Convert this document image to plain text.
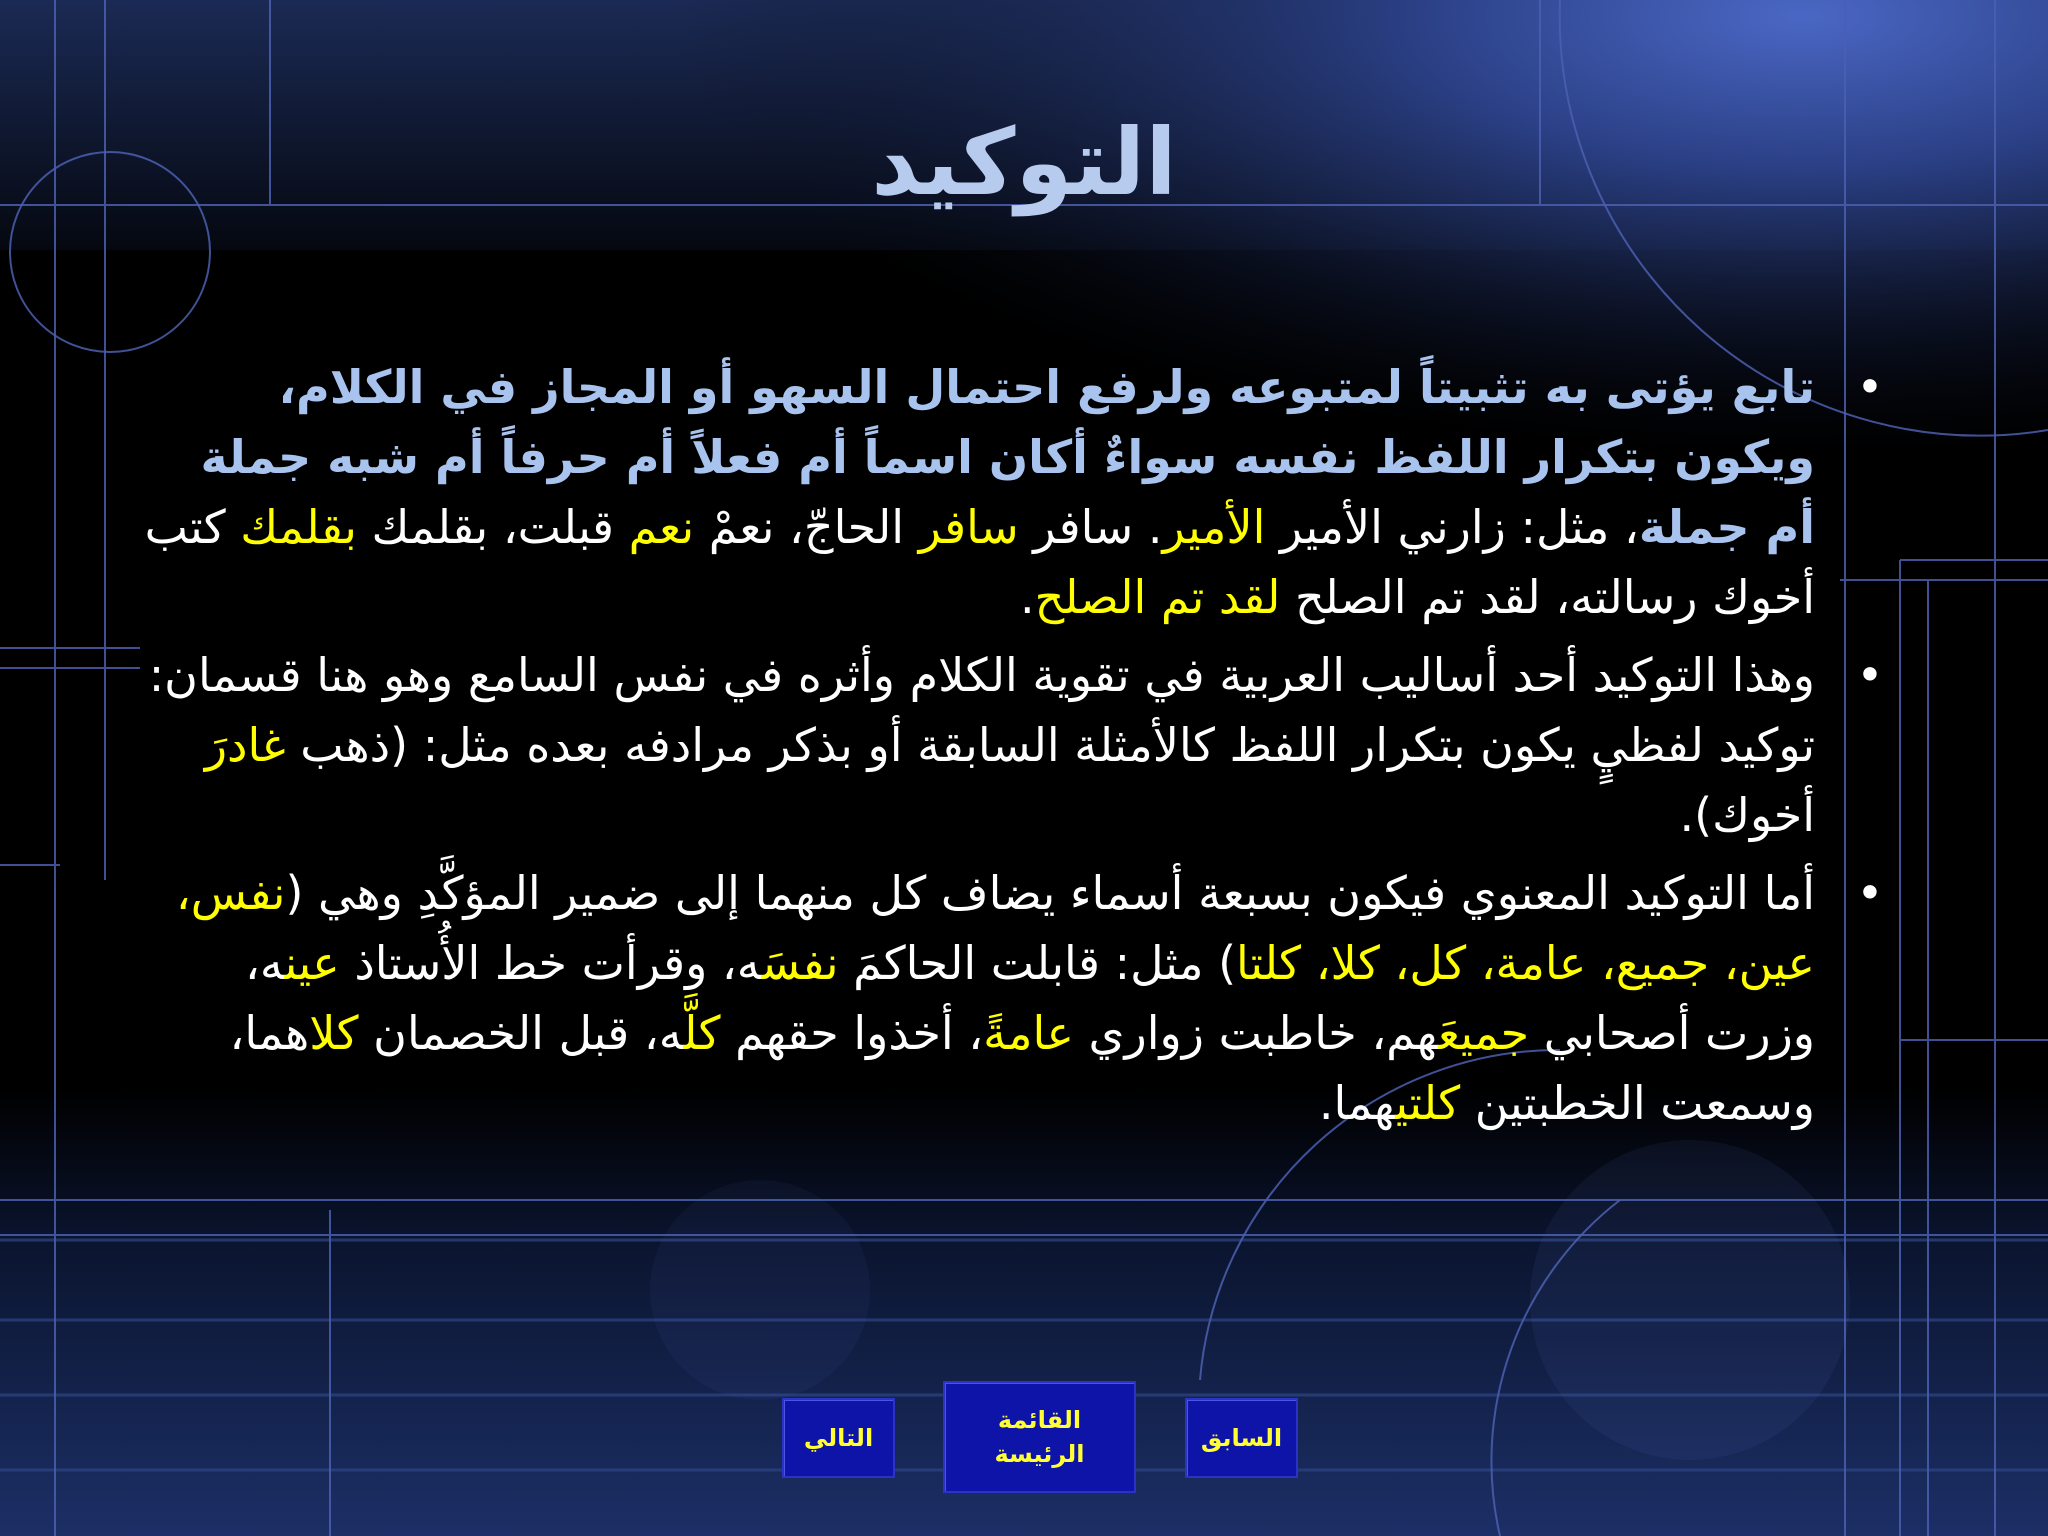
التوكيد
•
تابع يؤتى به تثبيتاً لمتبوعه ولرفع احتمال السهو أو المجاز في الكلام، ويكون بتكرار اللفظ نفسه سواءٌ أكان اسماً أم فعلاً أم حرفاً أم شبه جملة أم جملة، مثل: زارني الأمير الأمير. سافر سافر الحاجّ، نعمْ نعم قبلت، بقلمك بقلمك كتب أخوك رسالته، لقد تم الصلح لقد تم الصلح.
•
وهذا التوكيد أحد أساليب العربية في تقوية الكلام وأثره في نفس السامع وهو هنا قسمان: توكيد لفظيٍ يكون بتكرار اللفظ كالأمثلة السابقة أو بذكر مرادفه بعده مثل: (ذهب غادرَ أخوك).
•
أما التوكيد المعنوي فيكون بسبعة أسماء يضاف كل منهما إلى ضمير المؤكَّدِ وهي (نفس، عين، جميع، عامة، كل، كلا، كلتا) مثل: قابلت الحاكمَ نفسَه، وقرأت خط الأُستاذ عينه، وزرت أصحابي جميعَهم، خاطبت زواري عامةً، أخذوا حقهم كلَّه، قبل الخصمان كلاهما، وسمعت الخطبتين كلتيهما.
التالي
القائمة
الرئيسة
السابق
